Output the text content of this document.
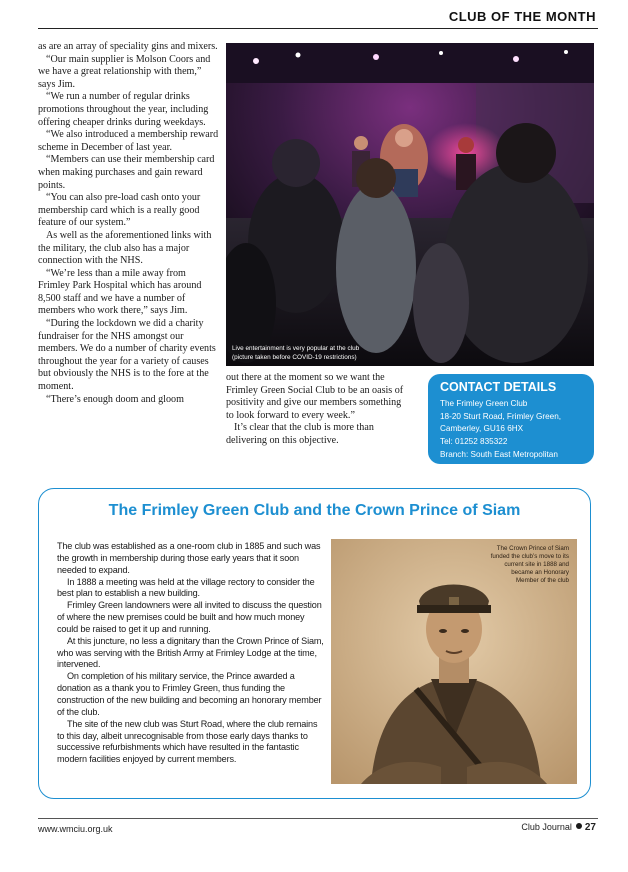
CLUB OF THE MONTH

as are an array of speciality gins and mixers.

“Our main supplier is Molson Coors and we have a great relationship with them,” says Jim.

“We run a number of regular drinks promotions throughout the year, including offering cheaper drinks during weekdays.

“We also introduced a membership reward scheme in December of last year.

“Members can use their membership card when making purchases and gain reward points.

“You can also pre-load cash onto your membership card which is a really good feature of our system.”

As well as the aforementioned links with the military, the club also has a major connection with the NHS.

“We’re less than a mile away from Frimley Park Hospital which has around 8,500 staff and we have a number of members who work there,” says Jim.

“During the lockdown we did a charity fundraiser for the NHS amongst our members. We do a number of charity events throughout the year for a variety of causes but obviously the NHS is to the fore at the moment.

“There’s enough doom and gloom

Live entertainment is very popular at the club
(picture taken before COVID-19 restrictions)

out there at the moment so we want the Frimley Green Social Club to be an oasis of positivity and give our members something to look forward to every week.”

It’s clear that the club is more than delivering on this objective.

CONTACT DETAILS
The Frimley Green Club
18-20 Sturt Road, Frimley Green,
Camberley, GU16 6HX
Tel: 01252 835322
Branch: South East Metropolitan
The Frimley Green Club and the Crown Prince of Siam

The club was established as a one-room club in 1885 and such was the growth in membership during those early years that it soon needed to expand.

In 1888 a meeting was held at the village rectory to consider the best plan to establish a new building.

Frimley Green landowners were all invited to discuss the question of where the new premises could be built and how much money could be raised to get it up and running.

At this juncture, no less a dignitary than the Crown Prince of Siam, who was serving with the British Army at Frimley Lodge at the time, intervened.

On completion of his military service, the Prince awarded a donation as a thank you to Frimley Green, thus funding the construction of the new building and becoming an honorary member of the club.

The site of the new club was Sturt Road, where the club remains to this day, albeit unrecognisable from those early days thanks to successive refurbishments which have resulted in the fantastic modern facilities enjoyed by current members.

The Crown Prince of Siam funded the club’s move to its current site in 1888 and became an Honorary Member of the club
www.wmciu.org.uk	Club Journal 27
